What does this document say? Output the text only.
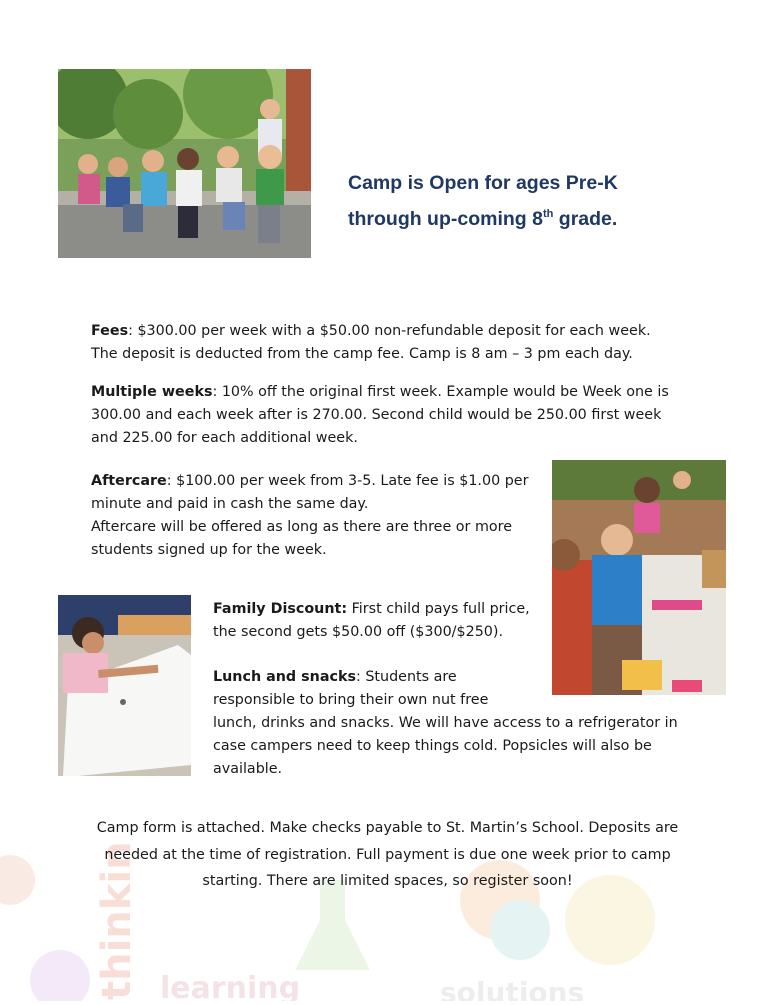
Camp is Open for ages Pre-K
through up-coming 8th grade.
Fees: $300.00 per week with a $50.00 non-refundable deposit for each week.
The deposit is deducted from the camp fee. Camp is 8 am – 3 pm each day.
Multiple weeks: 10% off the original first week. Example would be Week one is
300.00 and each week after is 270.00. Second child would be 250.00 first week
and 225.00 for each additional week.
Aftercare: $100.00 per week from 3-5. Late fee is $1.00 per
minute and paid in cash the same day.
Aftercare will be offered as long as there are three or more
students signed up for the week.
Family Discount: First child pays full price,
the second gets $50.00 off ($300/$250).
Lunch and snacks: Students are
responsible to bring their own nut free
lunch, drinks and snacks. We will have access to a refrigerator in
case campers need to keep things cold. Popsicles will also be
available.
thinking learning	solutions
Camp form is attached. Make checks payable to St. Martin’s School. Deposits are
needed at the time of registration. Full payment is due one week prior to camp
starting. There are limited spaces, so register soon!
